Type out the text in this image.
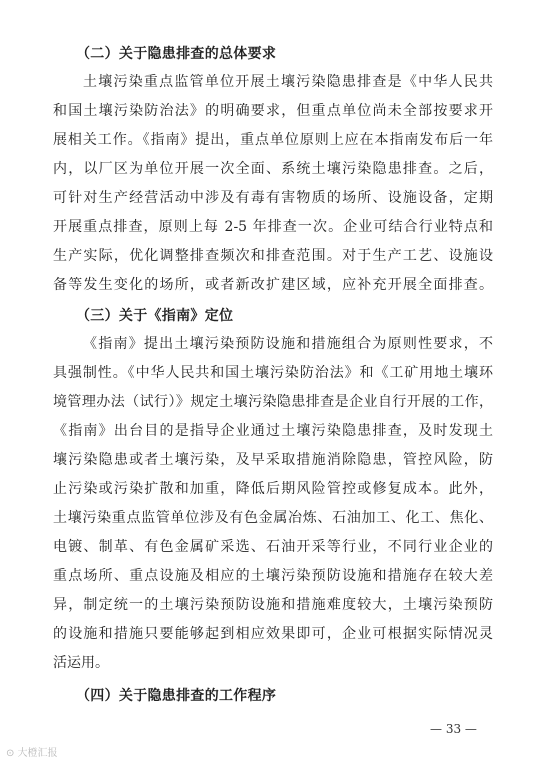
（二）关于隐患排查的总体要求
土壤污染重点监管单位开展土壤污染隐患排查是《中华人民共
和国土壤污染防治法》的明确要求，但重点单位尚未全部按要求开
展相关工作。《指南》提出，重点单位原则上应在本指南发布后一年
内，以厂区为单位开展一次全面、系统土壤污染隐患排查。之后，
可针对生产经营活动中涉及有毒有害物质的场所、设施设备，定期
开展重点排查，原则上每 2-5 年排查一次。企业可结合行业特点和
生产实际，优化调整排查频次和排查范围。对于生产工艺、设施设
备等发生变化的场所，或者新改扩建区域，应补充开展全面排查。
（三）关于《指南》定位
《指南》提出土壤污染预防设施和措施组合为原则性要求，不
具强制性。《中华人民共和国土壤污染防治法》和《工矿用地土壤环
境管理办法（试行）》规定土壤污染隐患排查是企业自行开展的工作，
《指南》出台目的是指导企业通过土壤污染隐患排查，及时发现土
壤污染隐患或者土壤污染，及早采取措施消除隐患，管控风险，防
止污染或污染扩散和加重，降低后期风险管控或修复成本。此外，
土壤污染重点监管单位涉及有色金属冶炼、石油加工、化工、焦化、
电镀、制革、有色金属矿采选、石油开采等行业，不同行业企业的
重点场所、重点设施及相应的土壤污染预防设施和措施存在较大差
异，制定统一的土壤污染预防设施和措施难度较大，土壤污染预防
的设施和措施只要能够起到相应效果即可，企业可根据实际情况灵
活运用。
（四）关于隐患排查的工作程序
— 33 —
⊙ 大橙汇报
